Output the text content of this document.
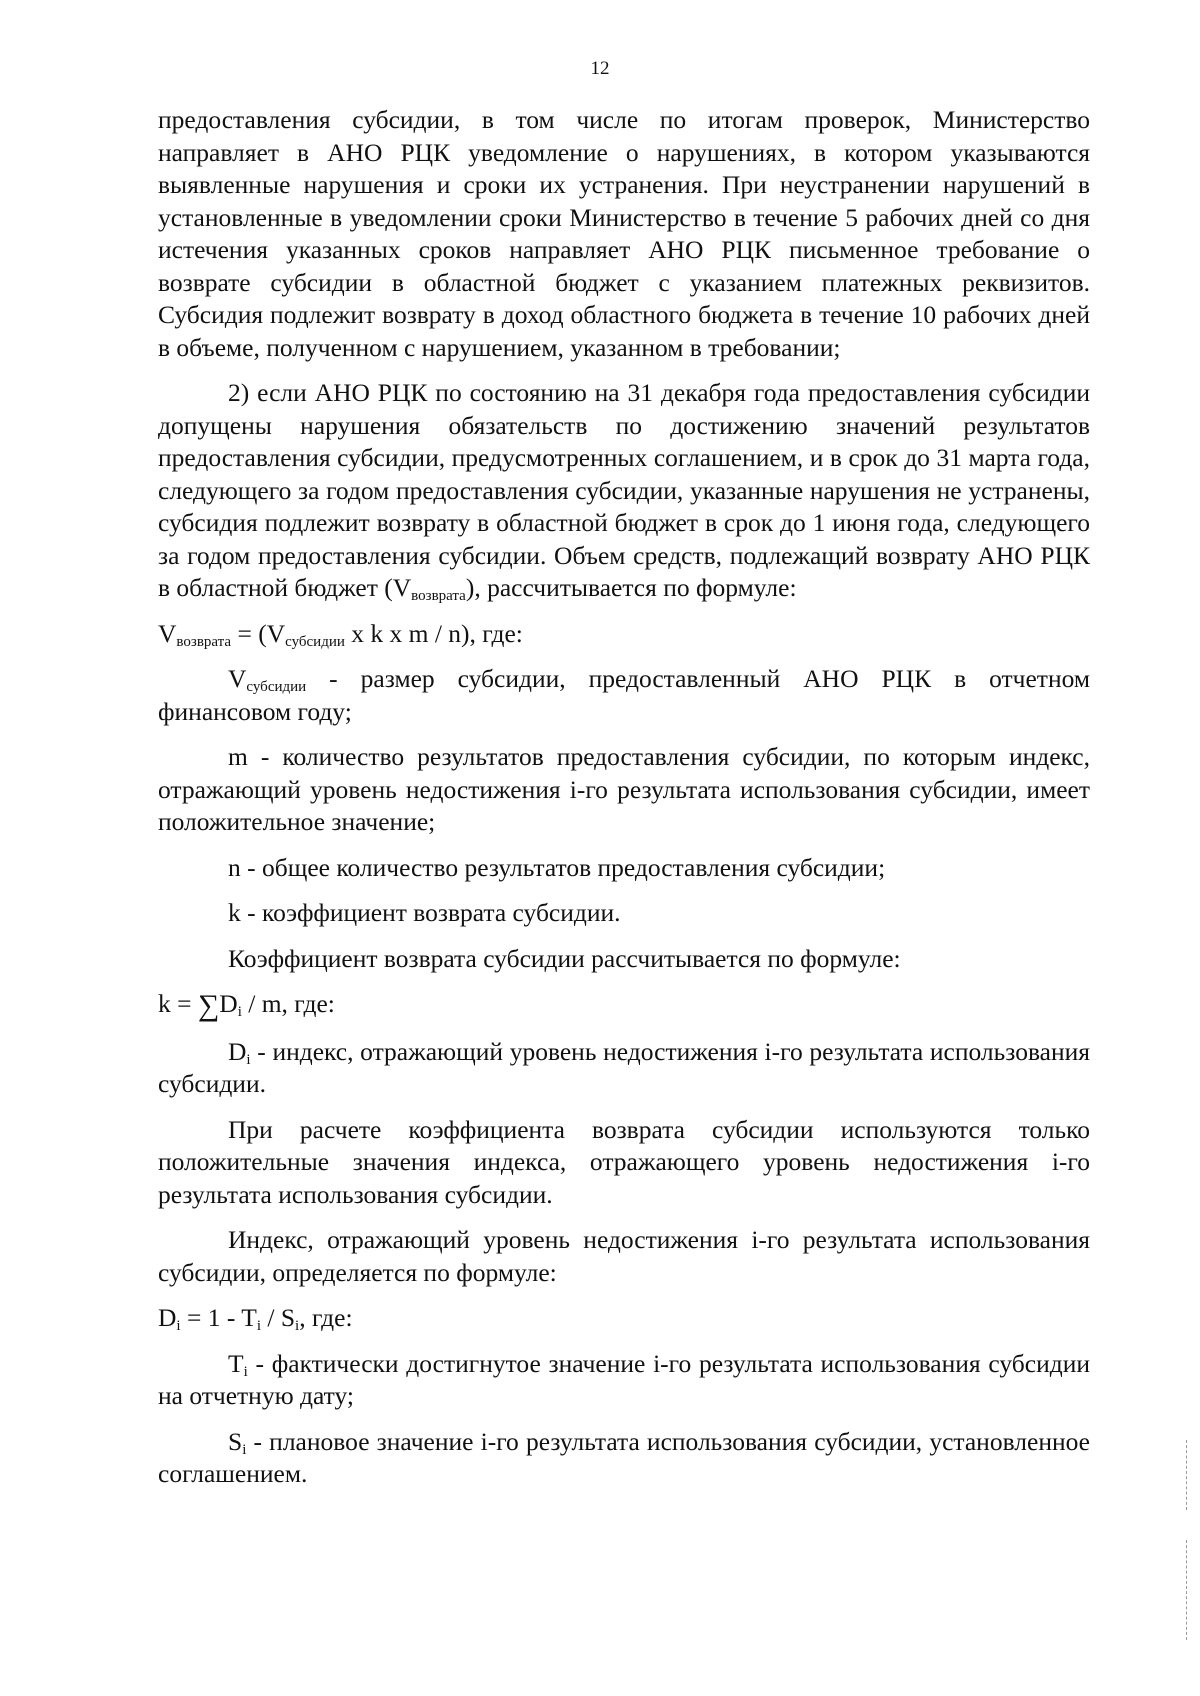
12

предоставления субсидии, в том числе по итогам проверок, Министерство направляет в АНО РЦК уведомление о нарушениях, в котором указываются выявленные нарушения и сроки их устранения. При неустранении нарушений в установленные в уведомлении сроки Министерство в течение 5 рабочих дней со дня истечения указанных сроков направляет АНО РЦК письменное требование о возврате субсидии в областной бюджет с указанием платежных реквизитов. Субсидия подлежит возврату в доход областного бюджета в течение 10 рабочих дней в объеме, полученном с нарушением, указанном в требовании;

2) если АНО РЦК по состоянию на 31 декабря года предоставления субсидии допущены нарушения обязательств по достижению значений результатов предоставления субсидии, предусмотренных соглашением, и в срок до 31 марта года, следующего за годом предоставления субсидии, указанные нарушения не устранены, субсидия подлежит возврату в областной бюджет в срок до 1 июня года, следующего за годом предоставления субсидии. Объем средств, подлежащий возврату АНО РЦК в областной бюджет $(V_{возврата})$, рассчитывается по формуле:

$V_{возврата} = (V_{субсидии}$ x k x m / n), где:

$V_{субсидии}$ - размер субсидии, предоставленный АНО РЦК в отчетном финансовом году;

m - количество результатов предоставления субсидии, по которым индекс, отражающий уровень недостижения i-го результата использования субсидии, имеет положительное значение;

n - общее количество результатов предоставления субсидии;

k - коэффициент возврата субсидии.

Коэффициент возврата субсидии рассчитывается по формуле:

$k = \sum D_i / m$, где:

$D_i$ - индекс, отражающий уровень недостижения i-го результата использования субсидии.

При расчете коэффициента возврата субсидии используются только положительные значения индекса, отражающего уровень недостижения i-го результата использования субсидии.

Индекс, отражающий уровень недостижения i-го результата использования субсидии, определяется по формуле:

$D_i = 1 - T_i / S_i$, где:

$T_i$ - фактически достигнутое значение i-го результата использования субсидии на отчетную дату;

$S_i$ - плановое значение i-го результата использования субсидии, установленное соглашением.
